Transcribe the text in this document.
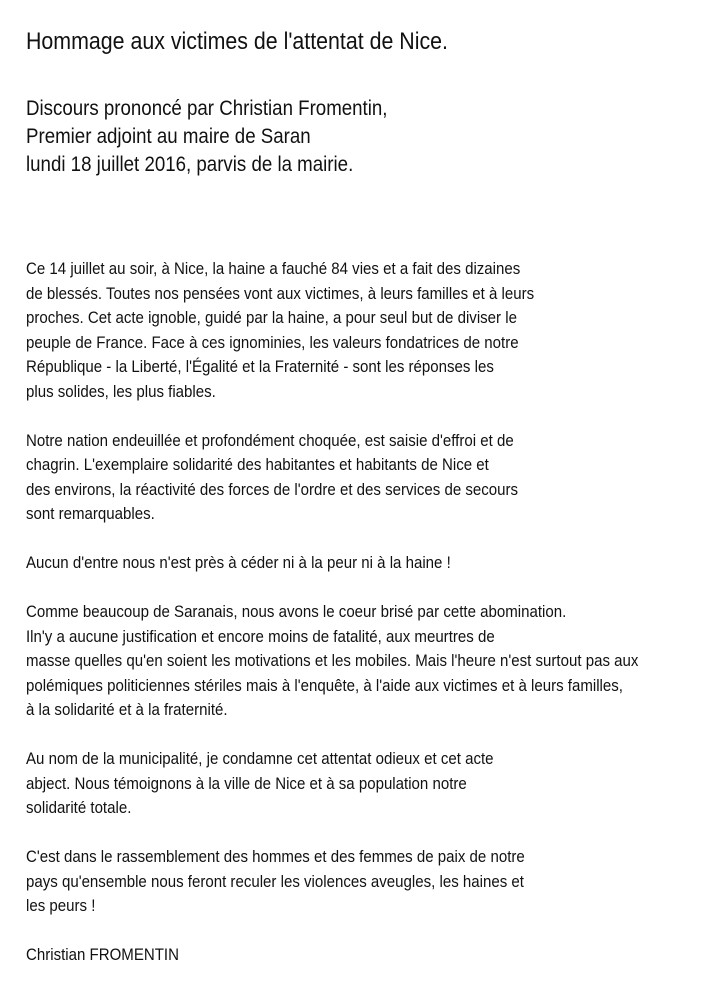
Hommage aux victimes de l'attentat de Nice.
Discours prononcé par Christian Fromentin,
Premier adjoint au maire de Saran
lundi 18 juillet 2016, parvis de la mairie.
Ce 14 juillet au soir, à Nice, la haine a fauché 84 vies et a fait des dizaines
de blessés. Toutes nos pensées vont aux victimes, à leurs familles et à leurs
proches. Cet acte ignoble, guidé par la haine, a pour seul but de diviser le
peuple de France. Face à ces ignominies, les valeurs fondatrices de notre
République - la Liberté, l'Égalité et la Fraternité - sont les réponses les
plus solides, les plus fiables.
Notre nation endeuillée et profondément choquée, est saisie d'effroi et de
chagrin. L'exemplaire solidarité des habitantes et habitants de Nice et
des environs, la réactivité des forces de l'ordre et des services de secours
sont remarquables.
Aucun d'entre nous n'est près à céder ni à la peur ni à la haine !
Comme beaucoup de Saranais, nous avons le coeur brisé par cette abomination.
Iln'y a aucune justification et encore moins de fatalité, aux meurtres de
masse quelles qu'en soient les motivations et les mobiles. Mais l'heure n'est surtout pas aux
polémiques politiciennes stériles mais à l'enquête, à l'aide aux victimes et à leurs familles,
à la solidarité et à la fraternité.
Au nom de la municipalité, je condamne cet attentat odieux et cet acte
abject. Nous témoignons à la ville de Nice et à sa population notre
solidarité totale.
C'est dans le rassemblement des hommes et des femmes de paix de notre
pays qu'ensemble nous feront reculer les violences aveugles, les haines et
les peurs !
Christian FROMENTIN
